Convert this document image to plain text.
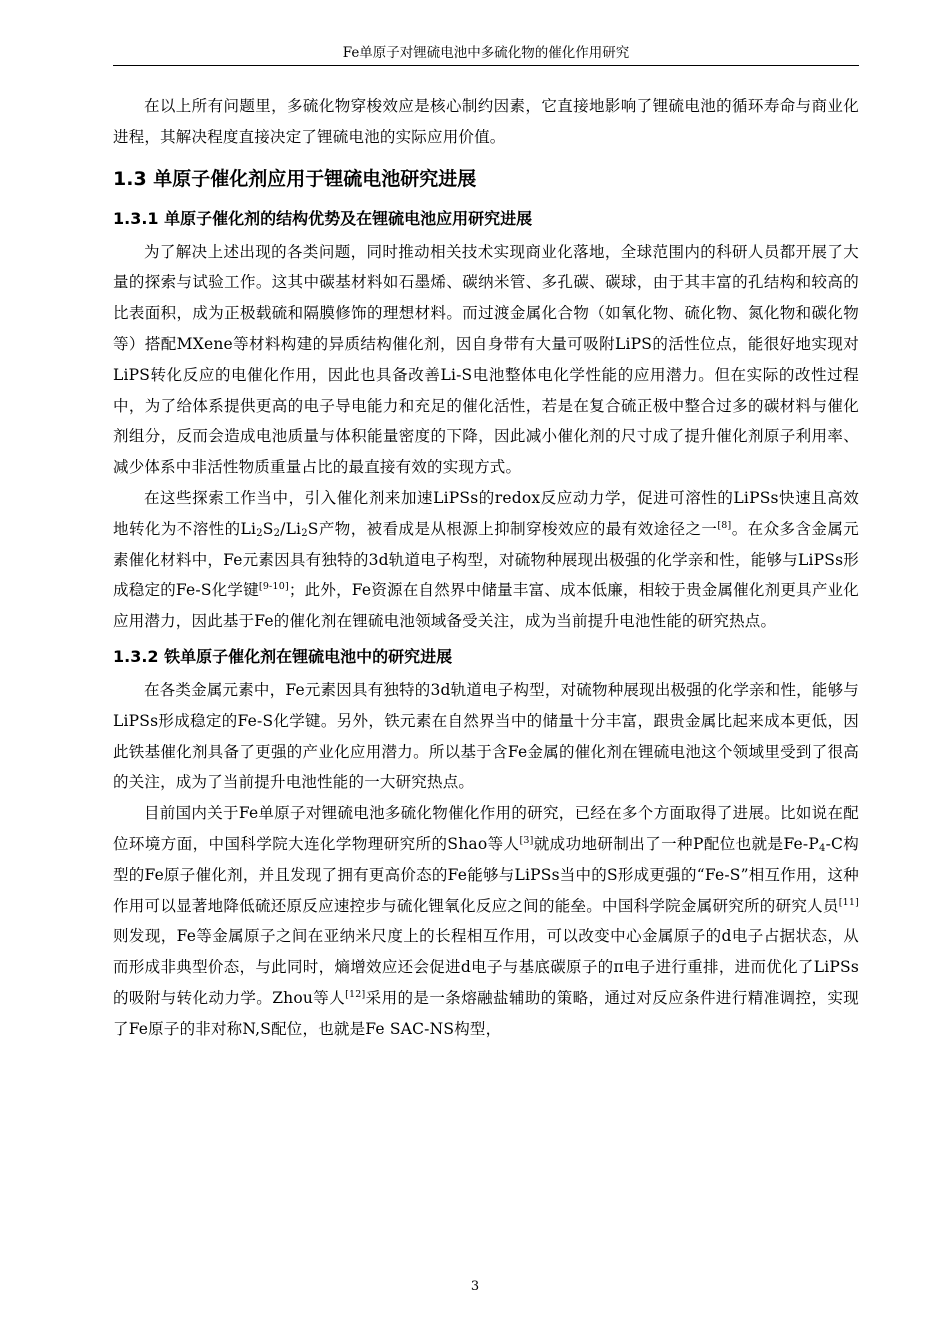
Fe单原子对锂硫电池中多硫化物的催化作用研究

在以上所有问题里，多硫化物穿梭效应是核心制约因素，它直接地影响了锂硫电池的循环寿命与商业化进程，其解决程度直接决定了锂硫电池的实际应用价值。

1.3 单原子催化剂应用于锂硫电池研究进展
1.3.1 单原子催化剂的结构优势及在锂硫电池应用研究进展

为了解决上述出现的各类问题，同时推动相关技术实现商业化落地，全球范围内的科研人员都开展了大量的探索与试验工作。这其中碳基材料如石墨烯、碳纳米管、多孔碳、碳球，由于其丰富的孔结构和较高的比表面积，成为正极载硫和隔膜修饰的理想材料。而过渡金属化合物（如氧化物、硫化物、氮化物和碳化物等）搭配MXene等材料构建的异质结构催化剂，因自身带有大量可吸附LiPS的活性位点，能很好地实现对LiPS转化反应的电催化作用，因此也具备改善Li-S电池整体电化学性能的应用潜力。但在实际的改性过程中，为了给体系提供更高的电子导电能力和充足的催化活性，若是在复合硫正极中整合过多的碳材料与催化剂组分，反而会造成电池质量与体积能量密度的下降，因此减小催化剂的尺寸成了提升催化剂原子利用率、减少体系中非活性物质重量占比的最直接有效的实现方式。

在这些探索工作当中，引入催化剂来加速LiPSs的redox反应动力学，促进可溶性的LiPSs快速且高效地转化为不溶性的$Li_2S_2/Li_2S$产物，被看成是从根源上抑制穿梭效应的最有效途径之一[8]。在众多含金属元素催化材料中，Fe元素因具有独特的3d轨道电子构型，对硫物种展现出极强的化学亲和性，能够与LiPSs形成稳定的Fe-S化学键[9-10]；此外，Fe资源在自然界中储量丰富、成本低廉，相较于贵金属催化剂更具产业化应用潜力，因此基于Fe的催化剂在锂硫电池领域备受关注，成为当前提升电池性能的研究热点。

1.3.2 铁单原子催化剂在锂硫电池中的研究进展

在各类金属元素中，Fe元素因具有独特的3d轨道电子构型，对硫物种展现出极强的化学亲和性，能够与LiPSs形成稳定的Fe-S化学键。另外，铁元素在自然界当中的储量十分丰富，跟贵金属比起来成本更低，因此铁基催化剂具备了更强的产业化应用潜力。所以基于含Fe金属的催化剂在锂硫电池这个领域里受到了很高的关注，成为了当前提升电池性能的一大研究热点。

目前国内关于Fe单原子对锂硫电池多硫化物催化作用的研究，已经在多个方面取得了进展。比如说在配位环境方面，中国科学院大连化学物理研究所的Shao等人[3]就成功地研制出了一种P配位也就是$Fe-P_4-C$构型的Fe原子催化剂，并且发现了拥有更高价态的Fe能够与LiPSs当中的S形成更强的“Fe-S”相互作用，这种作用可以显著地降低硫还原反应速控步与硫化锂氧化反应之间的能垒。中国科学院金属研究所的研究人员[11]则发现，Fe等金属原子之间在亚纳米尺度上的长程相互作用，可以改变中心金属原子的d电子占据状态，从而形成非典型价态，与此同时，熵增效应还会促进d电子与基底碳原子的π电子进行重排，进而优化了LiPSs的吸附与转化动力学。Zhou等人[12]采用的是一条熔融盐辅助的策略，通过对反应条件进行精准调控，实现了Fe原子的非对称N,S配位，也就是Fe SAC-NS构型，

3
